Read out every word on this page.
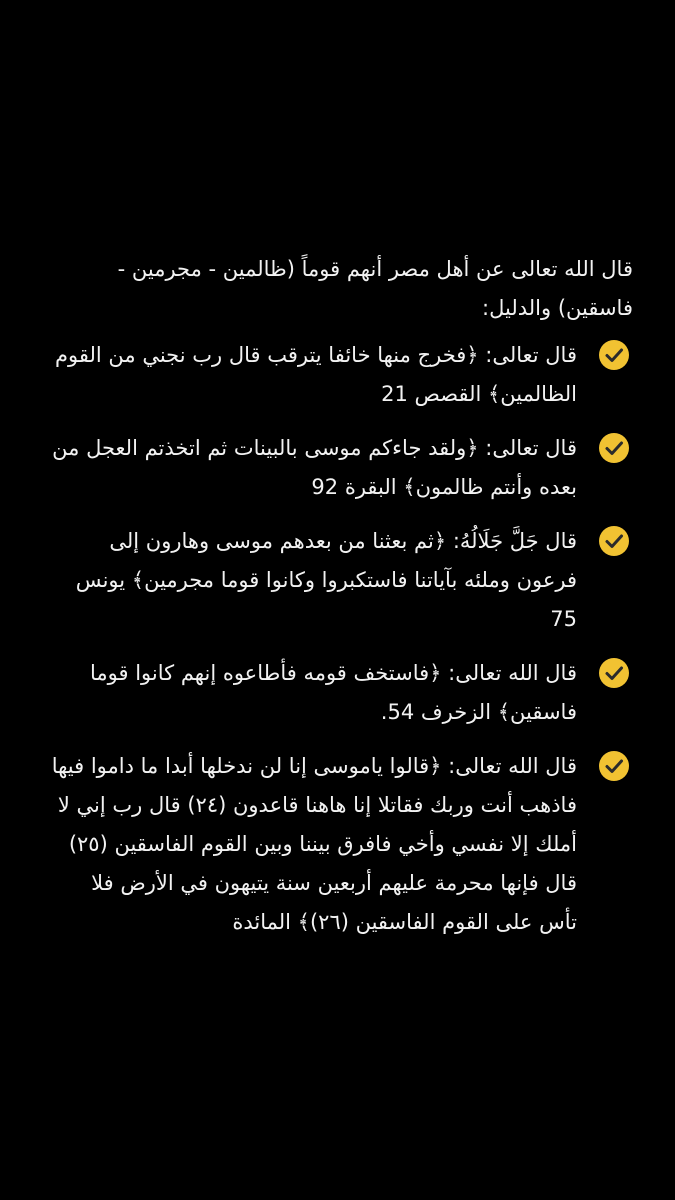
قال الله تعالى عن أهل مصر أنهم قوماً (ظالمين - مجرمين - فاسقين) والدليل:

قال تعالى: ﴿فخرج منها خائفا يترقب قال رب نجني من القوم الظالمين﴾ القصص 21
قال تعالى: ﴿ولقد جاءكم موسى بالبينات ثم اتخذتم العجل من بعده وأنتم ظالمون﴾ البقرة 92
قال جَلَّ جَلَالُهُ: ﴿ثم بعثنا من بعدهم موسى وهارون إلى فرعون وملئه بآياتنا فاستكبروا وكانوا قوما مجرمين﴾ يونس 75
قال الله تعالى: ﴿فاستخف قومه فأطاعوه إنهم كانوا قوما فاسقين﴾ الزخرف 54.
قال الله تعالى: ﴿قالوا ياموسى إنا لن ندخلها أبدا ما داموا فيها فاذهب أنت وربك فقاتلا إنا هاهنا قاعدون (٢٤) قال رب إني لا أملك إلا نفسي وأخي فافرق بيننا وبين القوم الفاسقين (٢٥) قال فإنها محرمة عليهم أربعين سنة يتيهون في الأرض فلا تأس على القوم الفاسقين (٢٦)﴾ المائدة
